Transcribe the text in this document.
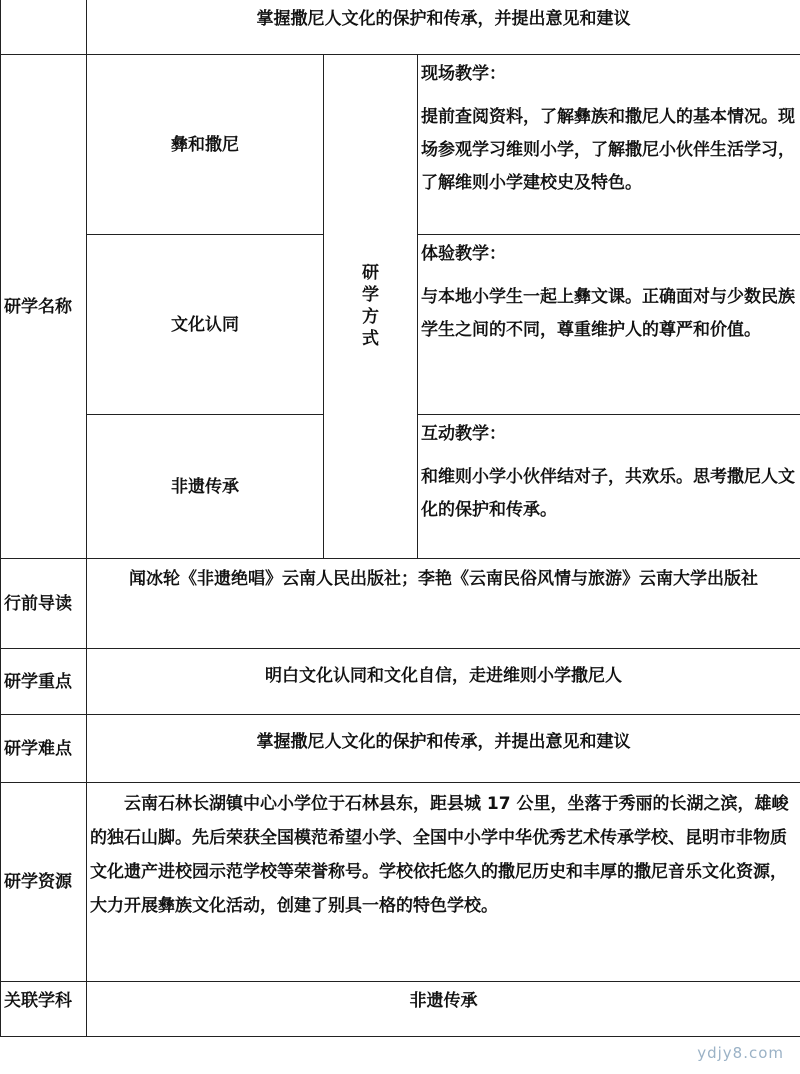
	掌握撒尼人文化的保护和传承，并提出意见和建议		
研学名称	彝和撒尼	研学方式	现场教学：
提前查阅资料，了解彝族和撒尼人的基本情况。现场参观学习维则小学，了解撒尼小伙伴生活学习，了解维则小学建校史及特色。

	文化认同		体验教学：
与本地小学生一起上彝文课。正确面对与少数民族学生之间的不同，尊重维护人的尊严和价值。

	非遗传承		互动教学：
和维则小学小伙伴结对子，共欢乐。思考撒尼人文化的保护和传承。

行前导读	闻冰轮《非遗绝唱》云南人民出版社；李艳《云南民俗风情与旅游》云南大学出版社		
研学重点	明白文化认同和文化自信，走进维则小学撒尼人		
研学难点	掌握撒尼人文化的保护和传承，并提出意见和建议		
研学资源	云南石林长湖镇中心小学位于石林县东，距县城 17 公里，坐落于秀丽的长湖之滨，雄峻的独石山脚。先后荣获全国模范希望小学、全国中小学中华优秀艺术传承学校、昆明市非物质文化遗产进校园示范学校等荣誉称号。学校依托悠久的撒尼历史和丰厚的撒尼音乐文化资源，大力开展彝族文化活动，创建了别具一格的特色学校。		
关联学科	非遗传承		
ydjy8.com
